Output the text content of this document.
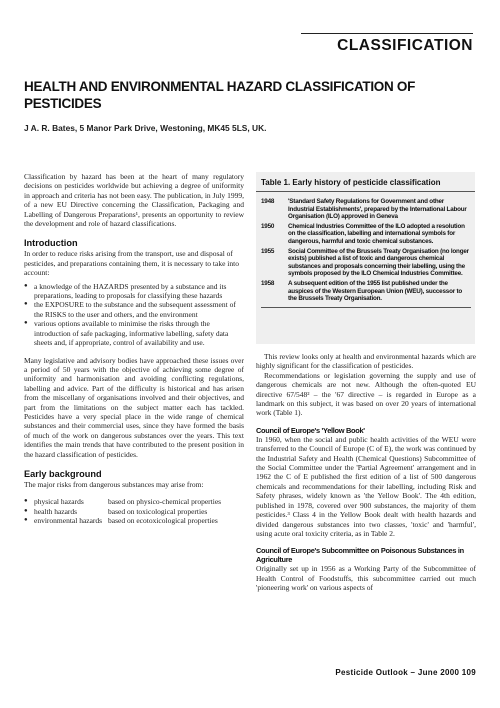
CLASSIFICATION
HEALTH AND ENVIRONMENTAL HAZARD CLASSIFICATION OF PESTICIDES
J A. R. Bates, 5 Manor Park Drive, Westoning, MK45 5LS, UK.

Classification by hazard has been at the heart of many regulatory decisions on pesticides worldwide but achieving a degree of uniformity in approach and criteria has not been easy. The publication, in July 1999, of a new EU Directive concerning the Classification, Packaging and Labelling of Dangerous Preparations¹, presents an opportunity to review the development and role of hazard classifications.

Introduction

In order to reduce risks arising from the transport, use and disposal of pesticides, and preparations containing them, it is necessary to take into account:

● a knowledge of the HAZARDS presented by a substance and its preparations, leading to proposals for classifying these hazards
● the EXPOSURE to the substance and the subsequent assessment of the RISKS to the user and others, and the environment
● various options available to minimise the risks through the introduction of safe packaging, informative labelling, safety data sheets and, if appropriate, control of availability and use.

Many legislative and advisory bodies have approached these issues over a period of 50 years with the objective of achieving some degree of uniformity and harmonisation and avoiding conflicting regulations, labelling and advice. Part of the difficulty is historical and has arisen from the miscellany of organisations involved and their objectives, and part from the limitations on the subject matter each has tackled. Pesticides have a very special place in the wide range of chemical substances and their commercial uses, since they have formed the basis of much of the work on dangerous substances over the years. This text identifies the main trends that have contributed to the present position in the hazard classification of pesticides.

Early background

The major risks from dangerous substances may arise from:

● physical hazards	based on physico-chemical properties
● health hazards	based on toxicological properties
● environmental hazards based on ecotoxicological properties
Table 1. Early history of pesticide classification
1948	'Standard Safety Regulations for Government and other Industrial Establishments', prepared by the International Labour Organisation (ILO) approved in Geneva
1950	Chemical Industries Committee of the ILO adopted a resolution on the classification, labelling and international symbols for dangerous, harmful and toxic chemical substances.
1955	Social Committee of the Brussels Treaty Organisation (no longer exists) published a list of toxic and dangerous chemical substances and proposals concerning their labelling, using the symbols proposed by the ILO Chemical Industries Committee.
1958	A subsequent edition of the 1955 list published under the auspices of the Western European Union (WEU), successor to the Brussels Treaty Organisation.

This review looks only at health and environmental hazards which are highly significant for the classification of pesticides.

Recommendations or legislation governing the supply and use of dangerous chemicals are not new. Although the often-quoted EU directive 67/548² – the '67 directive – is regarded in Europe as a landmark on this subject, it was based on over 20 years of international work (Table 1).

Council of Europe's 'Yellow Book'

In 1960, when the social and public health activities of the WEU were transferred to the Council of Europe (C of E), the work was continued by the Industrial Safety and Health (Chemical Questions) Subcommittee of the Social Committee under the 'Partial Agreement' arrangement and in 1962 the C of E published the first edition of a list of 500 dangerous chemicals and recommendations for their labelling, including Risk and Safety phrases, widely known as 'the Yellow Book'. The 4th edition, published in 1978, covered over 900 substances, the majority of them pesticides.³ Class 4 in the Yellow Book dealt with health hazards and divided dangerous substances into two classes, 'toxic' and 'harmful', using acute oral toxicity criteria, as in Table 2.

Council of Europe's Subcommittee on Poisonous Substances in Agriculture

Originally set up in 1956 as a Working Party of the Subcommittee of Health Control of Foodstuffs, this subcommittee carried out much 'pioneering work' on various aspects of

Pesticide Outlook – June 2000 109
